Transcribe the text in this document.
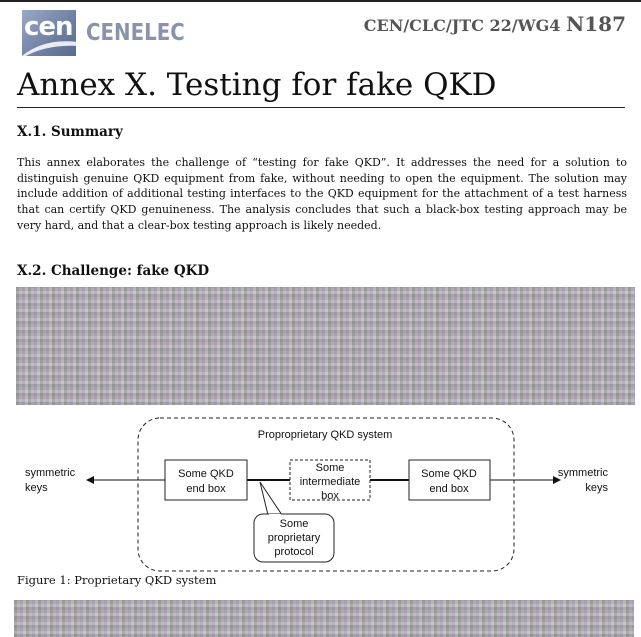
cen CENELEC	CEN/CLC/JTC 22/WG4 N187
Annex X. Testing for fake QKD
X.1. Summary

This annex elaborates the challenge of “testing for fake QKD”. It addresses the need for a solution to distinguish genuine QKD equipment from fake, without needing to open the equipment. The solution may include addition of additional testing interfaces to the QKD equipment for the attachment of a test harness that can certify QKD genuineness. The analysis concludes that such a black-box testing approach may be very hard, and that a clear-box testing approach is likely needed.

X.2. Challenge: fake QKD
Proproprietary QKD system
symmetric
keys
symmetric
keys
Some QKD
end box
Some
intermediate
box
Some QKD
end box
Some
proprietary
protocol

Figure 1: Proprietary QKD system
